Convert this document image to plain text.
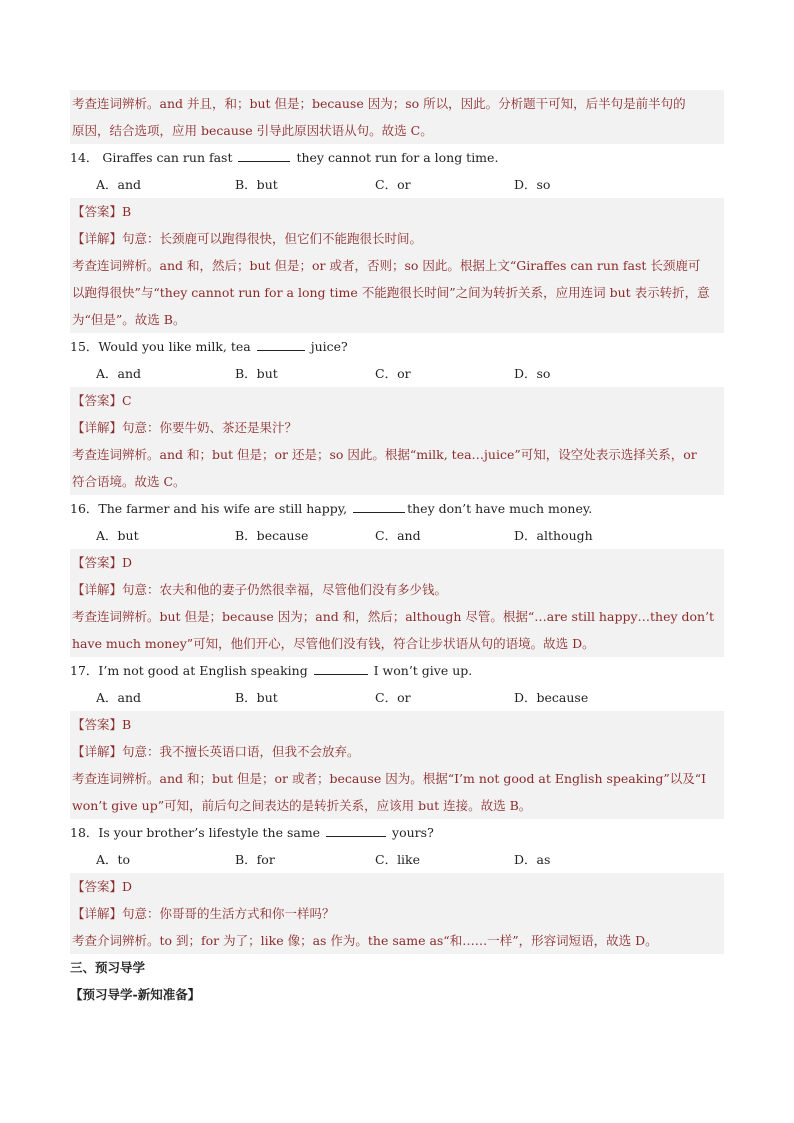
考查连词辨析。and 并且，和；but 但是；because 因为；so 所以，因此。分析题干可知，后半句是前半句的
原因，结合选项，应用 because 引导此原因状语从句。故选 C。
14． Giraffes can run fast	they cannot run for a long time.
A．and	B．but	C．or	D．so
【答案】B
【详解】句意：长颈鹿可以跑得很快，但它们不能跑很长时间。
考查连词辨析。and 和，然后；but 但是；or 或者，否则；so 因此。根据上文“Giraffes can run fast 长颈鹿可
以跑得很快”与“they cannot run for a long time 不能跑很长时间”之间为转折关系，应用连词 but 表示转折，意
为“但是”。故选 B。
15．Would you like milk, tea	juice?
A．and	B．but	C．or	D．so
【答案】C
【详解】句意：你要牛奶、茶还是果汁？
考查连词辨析。and 和；but 但是；or 还是；so 因此。根据“milk, tea…juice”可知，设空处表示选择关系，or
符合语境。故选 C。
16．The farmer and his wife are still happy,	they don’t have much money.
A．but	B．because	C．and	D．although
【答案】D
【详解】句意：农夫和他的妻子仍然很幸福，尽管他们没有多少钱。
考查连词辨析。but 但是；because 因为；and 和，然后；although 尽管。根据“…are still happy…they don’t
have much money”可知，他们开心，尽管他们没有钱，符合让步状语从句的语境。故选 D。
17．I’m not good at English speaking	I won’t give up.
A．and	B．but	C．or	D．because
【答案】B
【详解】句意：我不擅长英语口语，但我不会放弃。
考查连词辨析。and 和；but 但是；or 或者；because 因为。根据“I’m not good at English speaking”以及“I
won’t give up”可知，前后句之间表达的是转折关系，应该用 but 连接。故选 B。
18．Is your brother’s lifestyle the same	yours?
A．to	B．for	C．like	D．as
【答案】D
【详解】句意：你哥哥的生活方式和你一样吗？
考查介词辨析。to 到；for 为了；like 像；as 作为。the same as“和……一样”，形容词短语，故选 D。
三、预习导学
【预习导学-新知准备】
